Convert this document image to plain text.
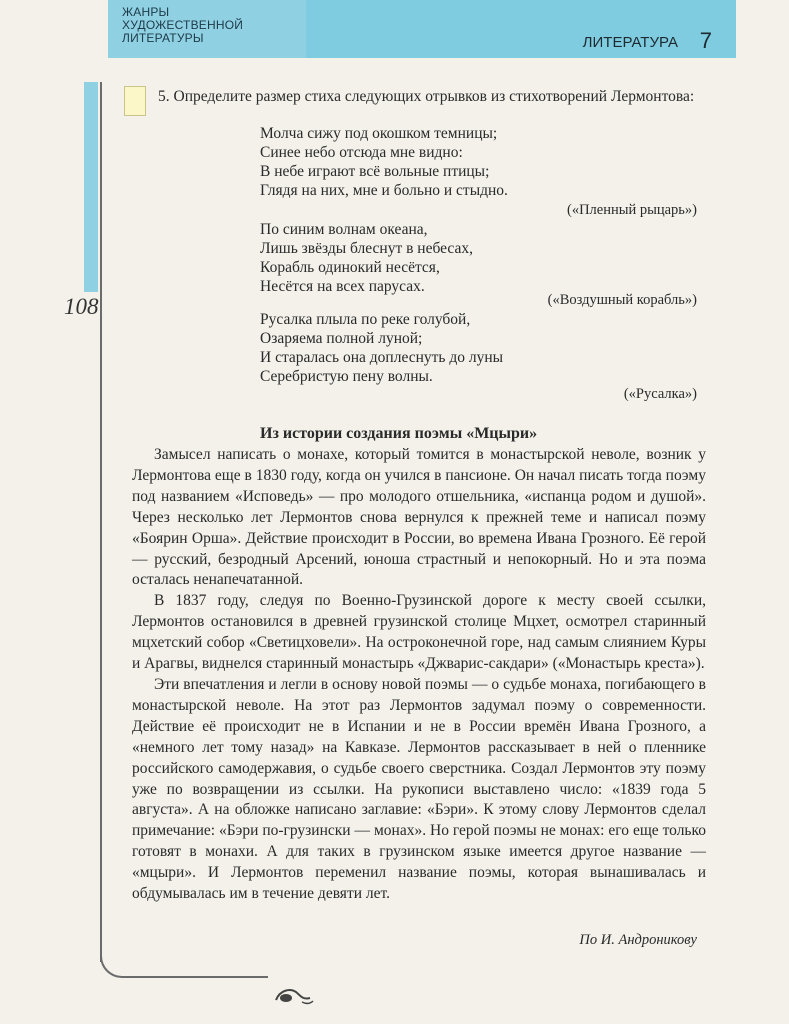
ЖАНРЫ
ХУДОЖЕСТВЕННОЙ
ЛИТЕРАТУРЫ	ЛИТЕРАТУРА 7
108
5. Определите размер стиха следующих отрывков из стихотворений Лермонтова:
Молча сижу под окошком темницы;
Синее небо отсюда мне видно:
В небе играют всё вольные птицы;
Глядя на них, мне и больно и стыдно.
(«Пленный рыцарь»)
По синим волнам океана,
Лишь звёзды блеснут в небесах,
Корабль одинокий несётся,
Несётся на всех парусах.
(«Воздушный корабль»)
Русалка плыла по реке голубой,
Озаряема полной луной;
И старалась она доплеснуть до луны
Серебристую пену волны.
(«Русалка»)
Из истории создания поэмы «Мцыри»

Замысел написать о монахе, который томится в монастырской неволе, возник у Лермонтова еще в 1830 году, когда он учился в пансионе. Он начал писать тогда поэму под названием «Исповедь» — про молодого отшельника, «испанца родом и душой». Через несколько лет Лермонтов снова вернулся к прежней теме и написал поэму «Боярин Орша». Действие происходит в России, во времена Ивана Грозного. Её герой — русский, безродный Арсений, юноша страстный и непокорный. Но и эта поэма осталась ненапечатанной.

В 1837 году, следуя по Военно-Грузинской дороге к месту своей ссылки, Лермонтов остановился в древней грузинской столице Мцхет, осмотрел старинный мцхетский собор «Светицховели». На остроконечной горе, над самым слиянием Куры и Арагвы, виднелся старинный монастырь «Джварис-сакдари» («Монастырь креста»).

Эти впечатления и легли в основу новой поэмы — о судьбе монаха, погибающего в монастырской неволе. На этот раз Лермонтов задумал поэму о современности. Действие её происходит не в Испании и не в России времён Ивана Грозного, а «немного лет тому назад» на Кавказе. Лермонтов рассказывает в ней о пленнике российского самодержавия, о судьбе своего сверстника. Создал Лермонтов эту поэму уже по возвращении из ссылки. На рукописи выставлено число: «1839 года 5 августа». А на обложке написано заглавие: «Бэри». К этому слову Лермонтов сделал примечание: «Бэри по-грузински — монах». Но герой поэмы не монах: его еще только готовят в монахи. А для таких в грузинском языке имеется другое название — «мцыри». И Лермонтов переменил название поэмы, которая вынашивалась и обдумывалась им в течение девяти лет.

По И. Андроникову
